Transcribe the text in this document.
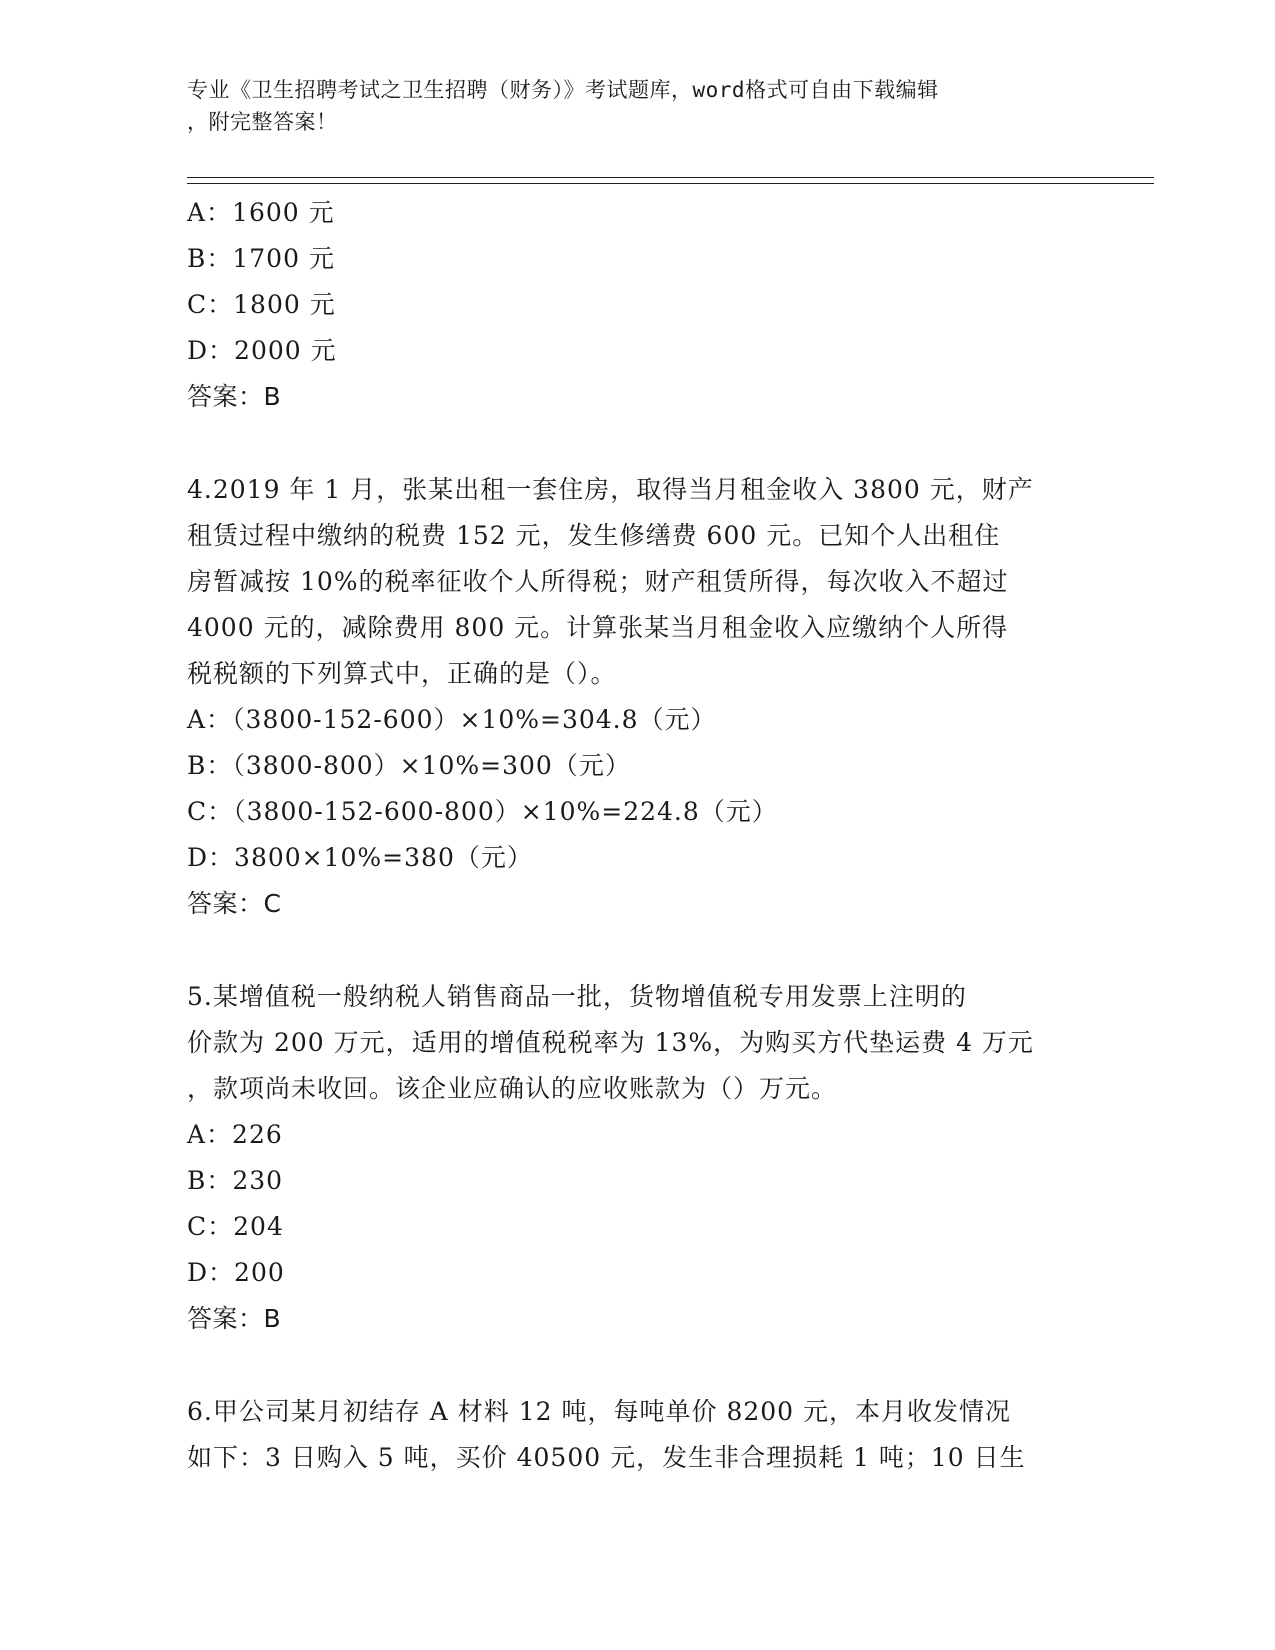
专业《卫生招聘考试之卫生招聘（财务）》考试题库，word格式可自由下载编辑
，附完整答案！
A：1600 元
B：1700 元
C：1800 元
D：2000 元
答案：B
4.2019 年 1 月，张某出租一套住房，取得当月租金收入 3800 元，财产
租赁过程中缴纳的税费 152 元，发生修缮费 600 元。已知个人出租住
房暂减按 10%的税率征收个人所得税；财产租赁所得，每次收入不超过
4000 元的，减除费用 800 元。计算张某当月租金收入应缴纳个人所得
税税额的下列算式中，正确的是（）。
A：（3800-152-600）×10%=304.8（元）
B：（3800-800）×10%=300（元）
C：（3800-152-600-800）×10%=224.8（元）
D：3800×10%=380（元）
答案：C
5.某增值税一般纳税人销售商品一批，货物增值税专用发票上注明的
价款为 200 万元，适用的增值税税率为 13%，为购买方代垫运费 4 万元
，款项尚未收回。该企业应确认的应收账款为（）万元。
A：226
B：230
C：204
D：200
答案：B
6.甲公司某月初结存 A 材料 12 吨，每吨单价 8200 元，本月收发情况
如下：3 日购入 5 吨，买价 40500 元，发生非合理损耗 1 吨；10 日生
